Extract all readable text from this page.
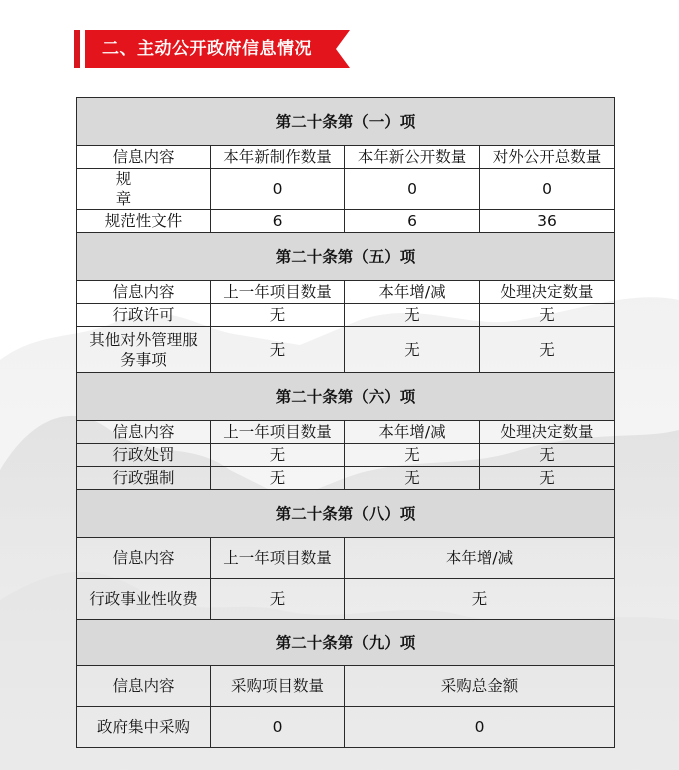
二、主动公开政府信息情况
第二十条第（一）项			
信息内容	本年新制作数量	本年新公开数量	对外公开总数量
规 章	0	0	0
规范性文件	6	6	36
第二十条第（五）项			
信息内容	上一年项目数量	本年增/减	处理决定数量
行政许可	无	无	无
其他对外管理服务事项	无	无	无
第二十条第（六）项			
信息内容	上一年项目数量	本年增/减	处理决定数量
行政处罚	无	无	无
行政强制	无	无	无
第二十条第（八）项			
信息内容	上一年项目数量	本年增/减	
行政事业性收费	无	无	
第二十条第（九）项			
信息内容	采购项目数量	采购总金额	
政府集中采购	0	0	
